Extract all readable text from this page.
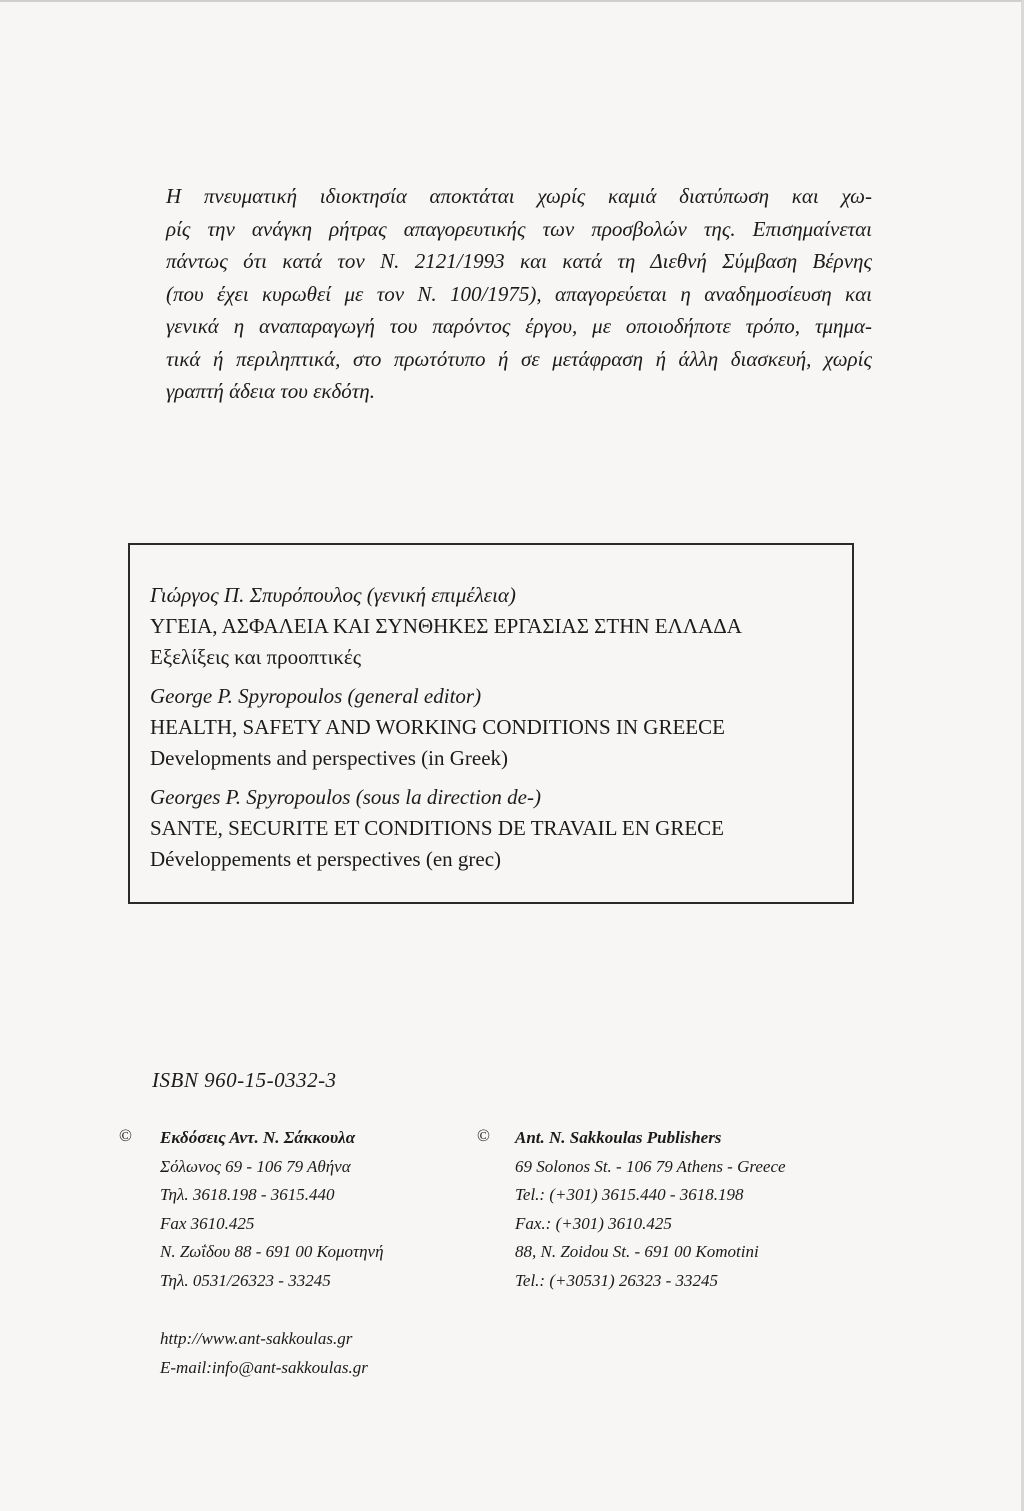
Η πνευματική ιδιοκτησία αποκτάται χωρίς καμιά διατύπωση και χω-
ρίς την ανάγκη ρήτρας απαγορευτικής των προσβολών της. Επισημαίνεται
πάντως ότι κατά τον Ν. 2121/1993 και κατά τη Διεθνή Σύμβαση Βέρνης
(που έχει κυρωθεί με τον Ν. 100/1975), απαγορεύεται η αναδημοσίευση και
γενικά η αναπαραγωγή του παρόντος έργου, με οποιοδήποτε τρόπο, τμημα-
τικά ή περιληπτικά, στο πρωτότυπο ή σε μετάφραση ή άλλη διασκευή, χωρίς
γραπτή άδεια του εκδότη.

Γιώργος Π. Σπυρόπουλος (γενική επιμέλεια)
ΥΓΕΙΑ, ΑΣΦΑΛΕΙΑ ΚΑΙ ΣΥΝΘΗΚΕΣ ΕΡΓΑΣΙΑΣ ΣΤΗΝ ΕΛΛΑΔΑ
Εξελίξεις και προοπτικές
George P. Spyropoulos (general editor)
HEALTH, SAFETY AND WORKING CONDITIONS IN GREECE
Developments and perspectives (in Greek)
Georges P. Spyropoulos (sous la direction de-)
SANTE, SECURITE ET CONDITIONS DE TRAVAIL EN GRECE
Développements et perspectives (en grec)
ISBN 960-15-0332-3
© Εκδόσεις Αντ. Ν. Σάκκουλα
Σόλωνος 69 - 106 79 Αθήνα
Τηλ. 3618.198 - 3615.440
Fax 3610.425
Ν. Ζωΐδου 88 - 691 00 Κομοτηνή
Τηλ. 0531/26323 - 33245
© Ant. N. Sakkoulas Publishers
69 Solonos St. - 106 79 Athens - Greece
Tel.: (+301) 3615.440 - 3618.198
Fax.: (+301) 3610.425
88, N. Zoidou St. - 691 00 Komotini
Tel.: (+30531) 26323 - 33245
http://www.ant-sakkoulas.gr
E-mail:info@ant-sakkoulas.gr
